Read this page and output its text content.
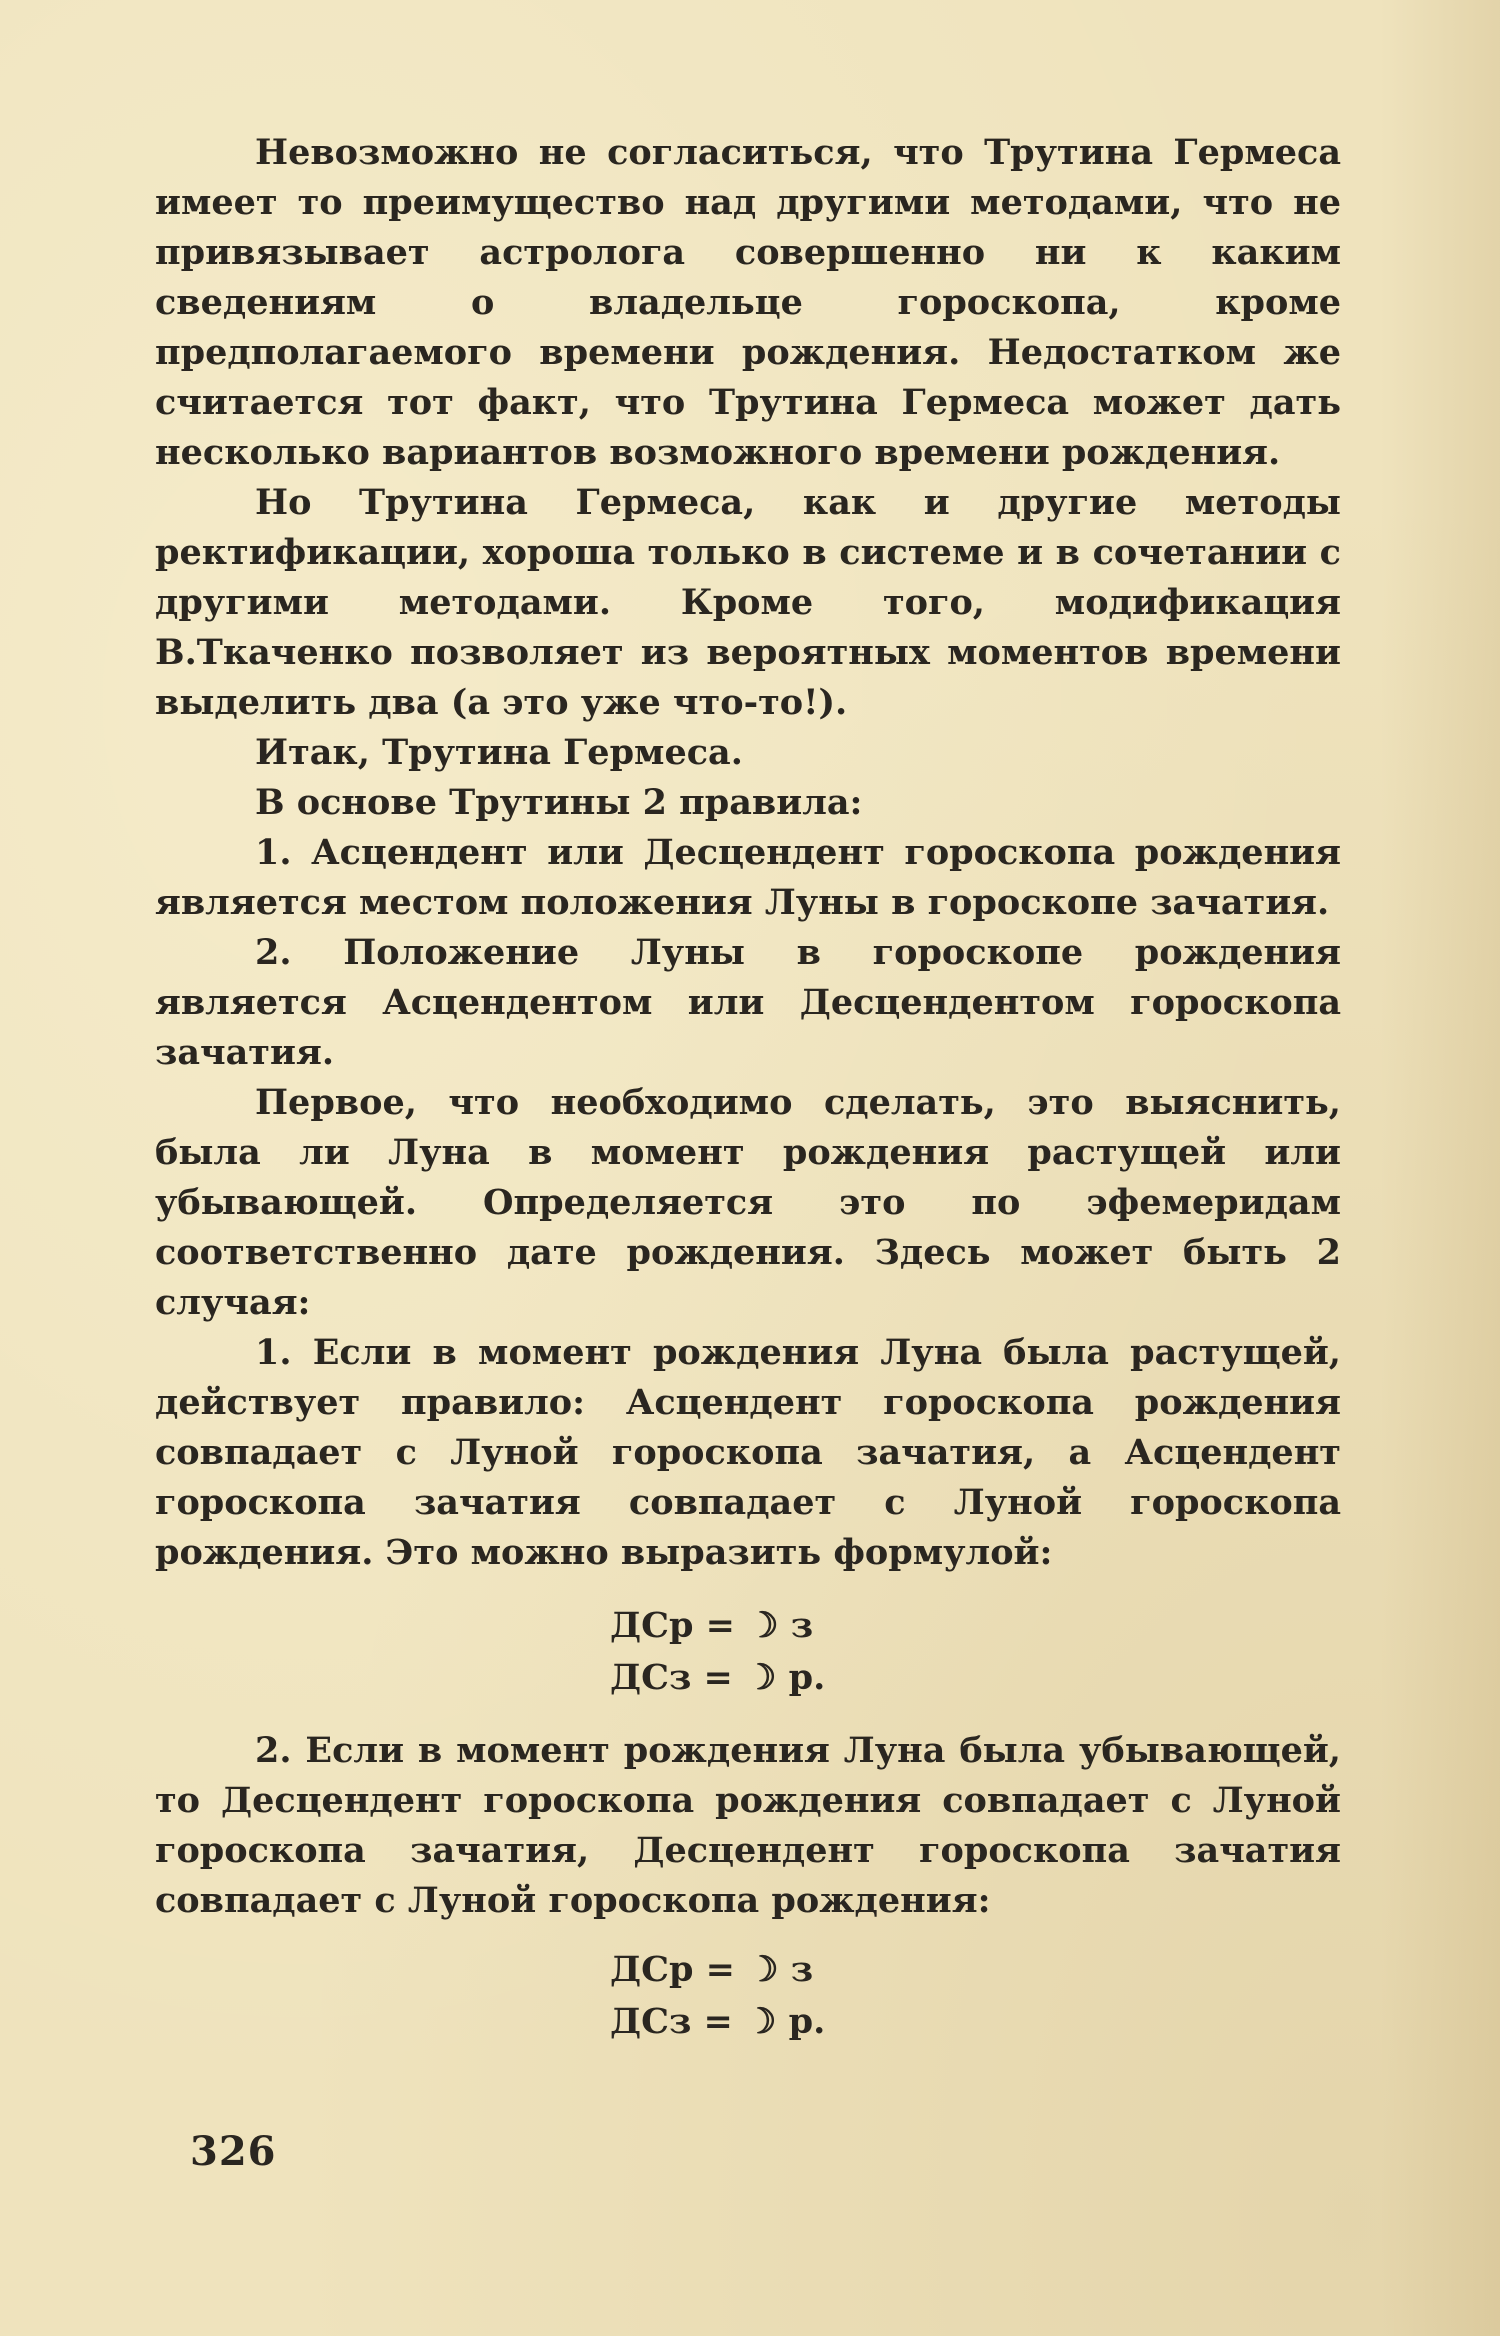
Невозможно не согласиться, что Трутина Гермеса имеет то преимущество над другими методами, что не привязывает астролога совершенно ни к каким сведениям о владельце гороскопа, кроме предполагаемого времени рождения. Недостатком же считается тот факт, что Трутина Гермеса может дать несколько вариантов возможного времени рождения.

Но Трутина Гермеса, как и другие методы ректификации, хороша только в системе и в сочетании с другими методами. Кроме того, модификация В.Ткаченко позволяет из вероятных моментов времени выделить два (а это уже что-то!).

Итак, Трутина Гермеса.

В основе Трутины 2 правила:

1. Асцендент или Десцендент гороскопа рождения является местом положения Луны в гороскопе зачатия.

2. Положение Луны в гороскопе рождения является Асцендентом или Десцендентом гороскопа зачатия.

Первое, что необходимо сделать, это выяснить, была ли Луна в момент рождения растущей или убывающей. Определяется это по эфемеридам соответственно дате рождения. Здесь может быть 2 случая:

1. Если в момент рождения Луна была растущей, действует правило: Асцендент гороскопа рождения совпадает с Луной гороскопа зачатия, а Асцендент гороскопа зачатия совпадает с Луной гороскопа рождения. Это можно выразить формулой:

ДСр = ☽ з
ДСз = ☽ р.

2. Если в момент рождения Луна была убывающей, то Десцендент гороскопа рождения совпадает с Луной гороскопа зачатия, Десцендент гороскопа зачатия совпадает с Луной гороскопа рождения:

ДСр = ☽ з
ДСз = ☽ р.
326
